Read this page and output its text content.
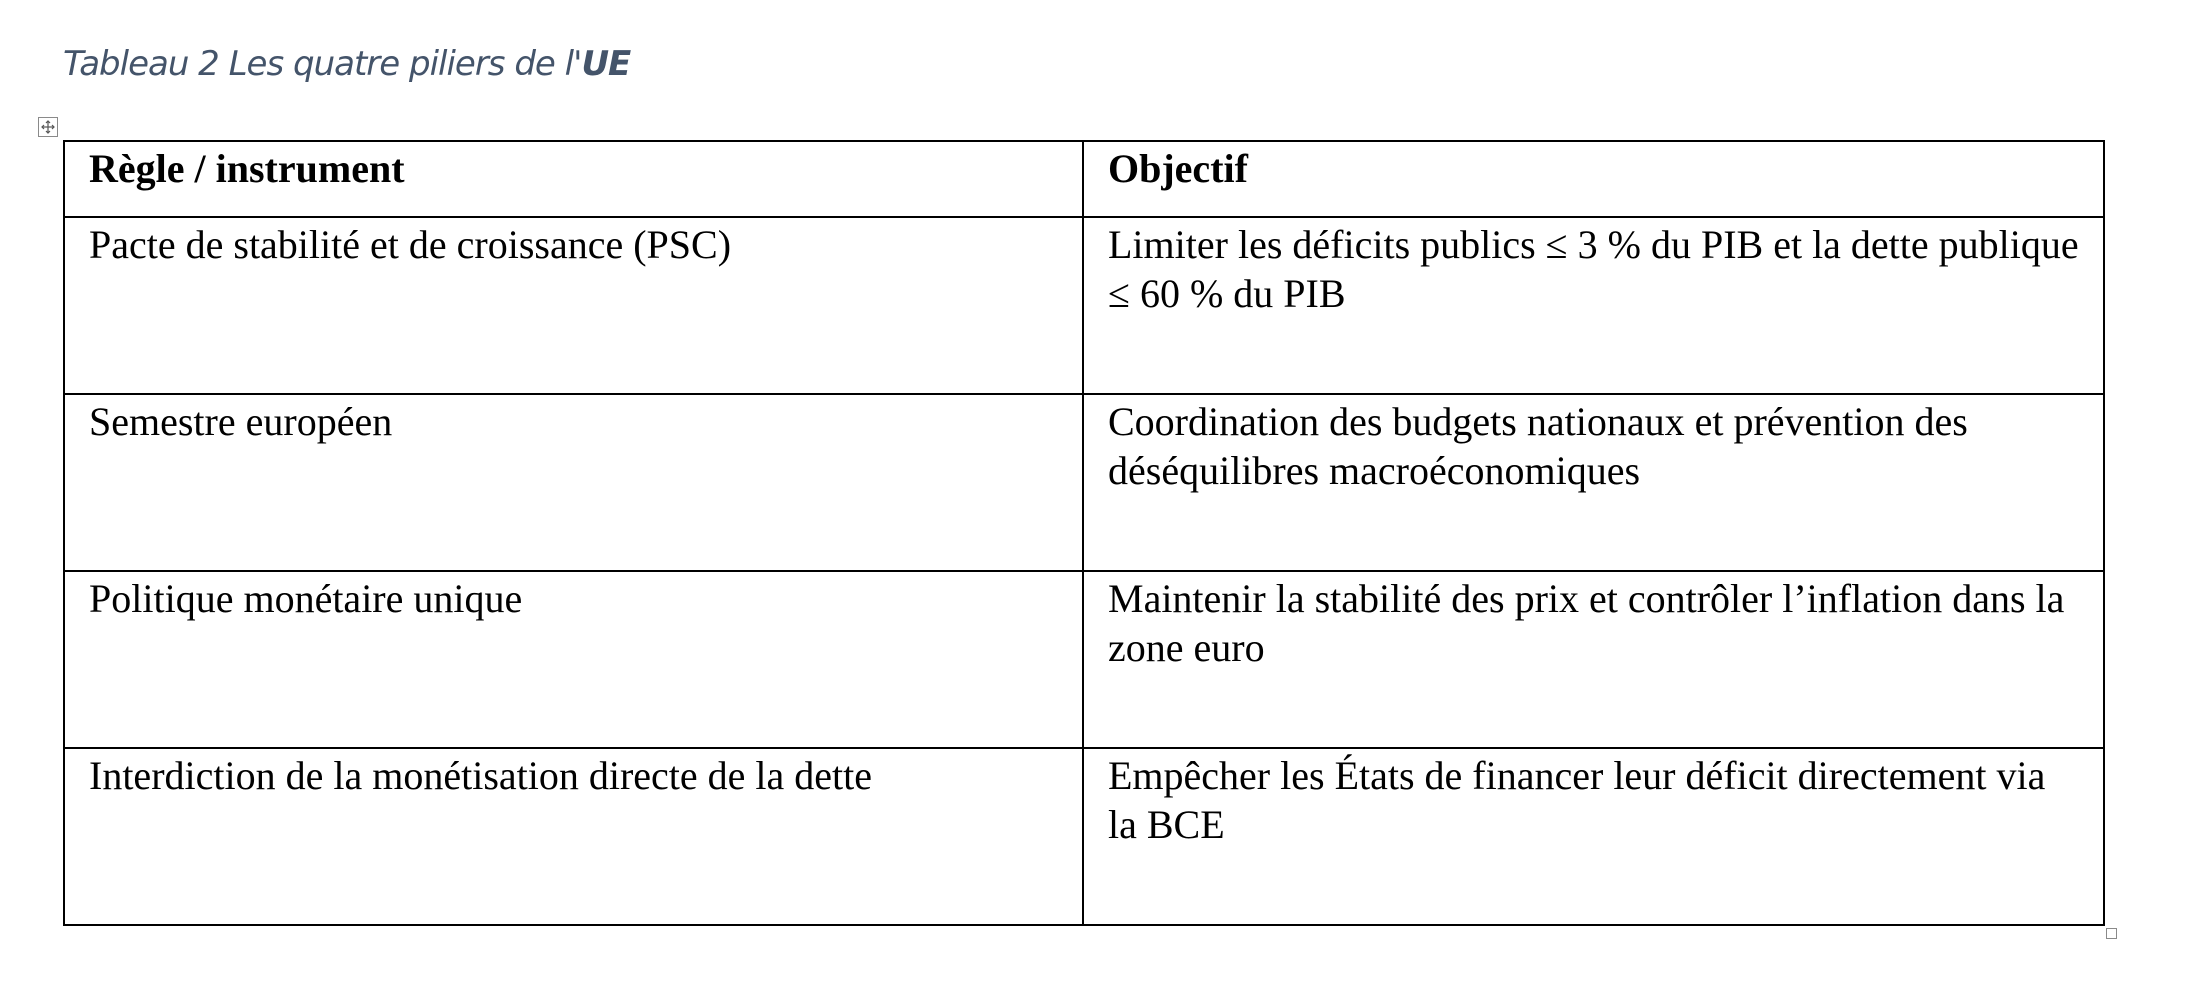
Tableau 2 Les quatre piliers de l'UE
Règle / instrument	Objectif
Pacte de stabilité et de croissance (PSC)	Limiter les déficits publics ≤ 3 % du PIB et la dette publique ≤ 60 % du PIB
Semestre européen	Coordination des budgets nationaux et prévention des déséquilibres macroéconomiques
Politique monétaire unique	Maintenir la stabilité des prix et contrôler l’inflation dans la zone euro
Interdiction de la monétisation directe de la dette	Empêcher les États de financer leur déficit directement via la BCE
